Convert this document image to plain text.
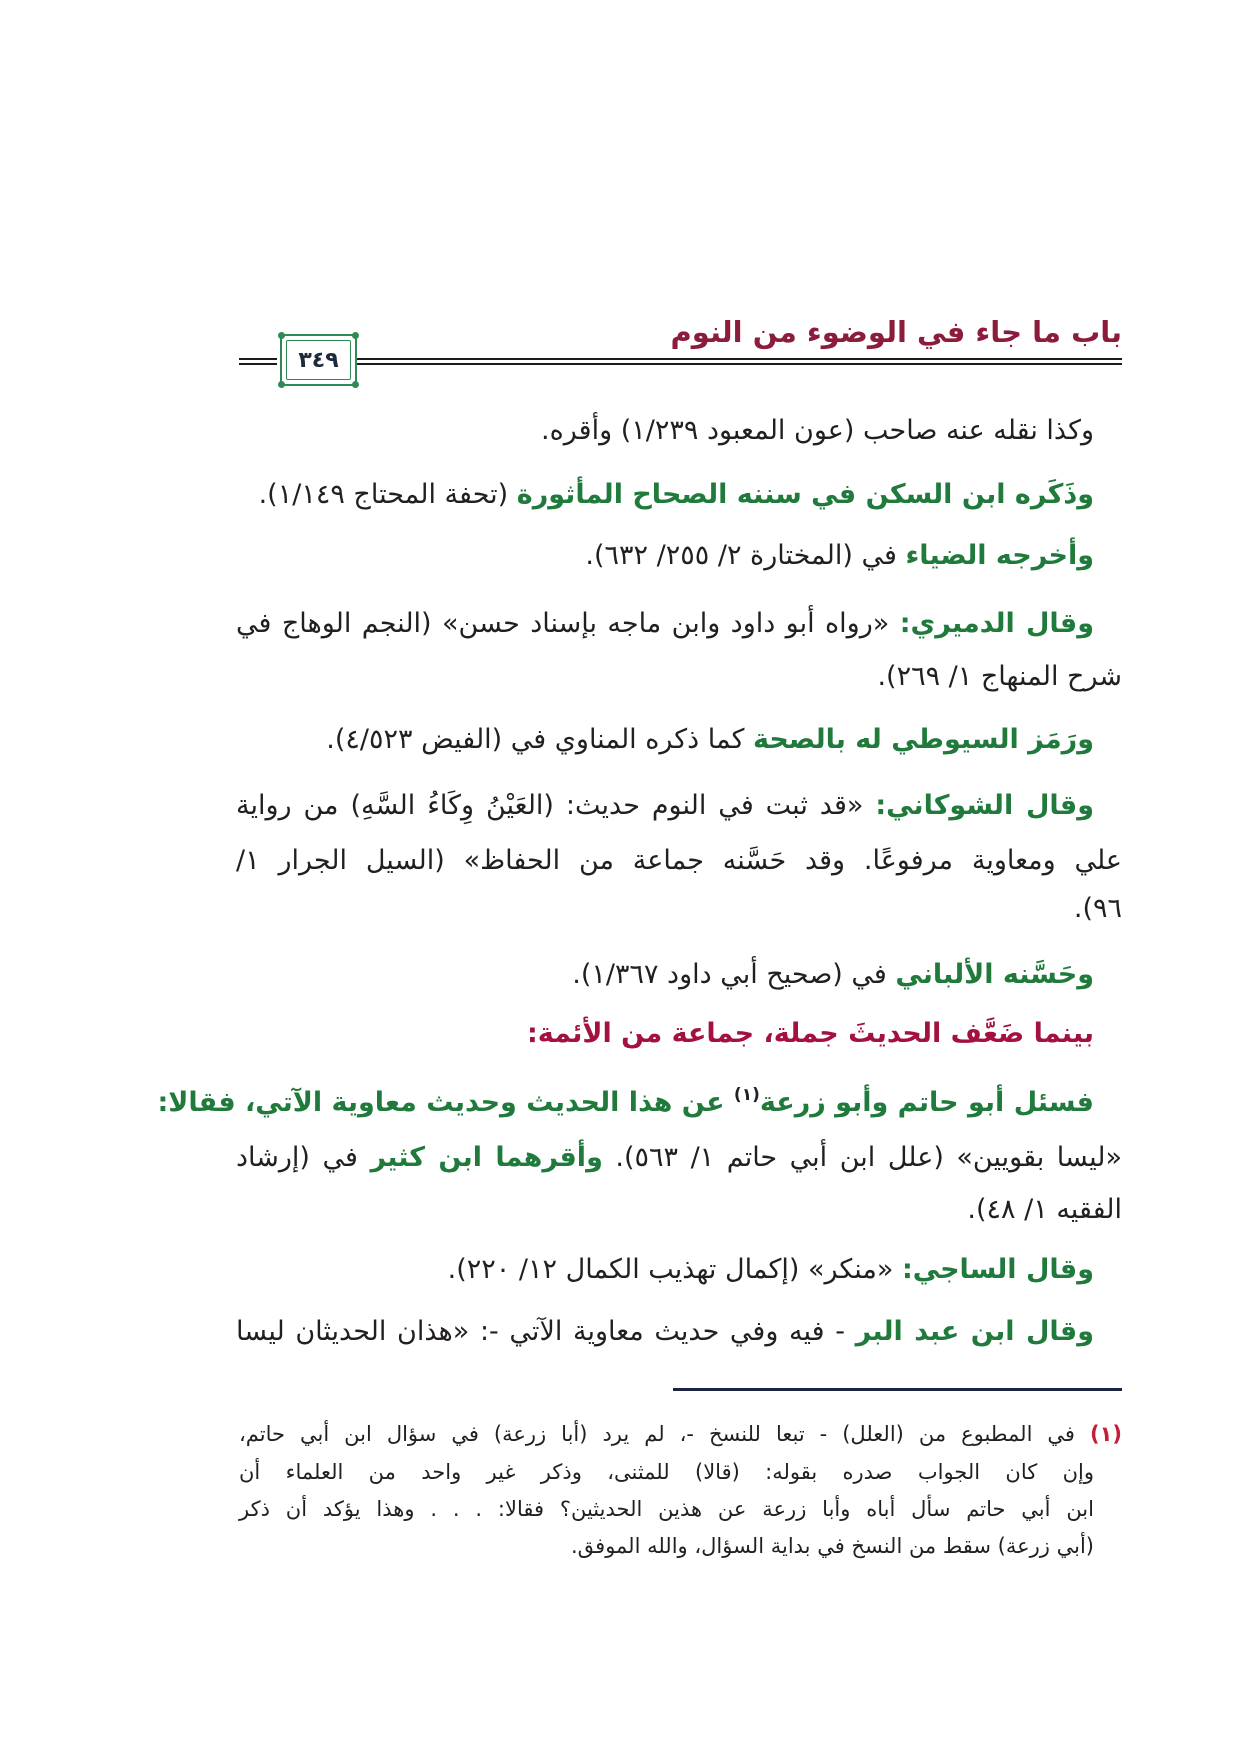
باب ما جاء في الوضوء من النوم
٣٤٩
وكذا نقله عنه صاحب (عون المعبود ١/٢٣٩) وأقره.
وذَكَره ابن السكن في سننه الصحاح المأثورة (تحفة المحتاج ١/١٤٩).
وأخرجه الضياء في (المختارة ٢/ ٢٥٥/ ٦٣٢).
وقال الدميري: «رواه أبو داود وابن ماجه بإسناد حسن» (النجم الوهاج في
شرح المنهاج ١/ ٢٦٩).
ورَمَز السيوطي له بالصحة كما ذكره المناوي في (الفيض ٤/٥٢٣).
وقال الشوكاني: «قد ثبت في النوم حديث: (العَيْنُ وِكَاءُ السَّهِ) من رواية
علي ومعاوية مرفوعًا. وقد حَسَّنه جماعة من الحفاظ» (السيل الجرار ١/
٩٦).
وحَسَّنه الألباني في (صحيح أبي داود ١/٣٦٧).
بينما ضَعَّف الحديثَ جملة، جماعة من الأئمة:
فسئل أبو حاتم وأبو زرعة$^{(١)}$ عن هذا الحديث وحديث معاوية الآتي، فقالا:
«ليسا بقويين» (علل ابن أبي حاتم ١/ ٥٦٣). وأقرهما ابن كثير في (إرشاد
الفقيه ١/ ٤٨).
وقال الساجي: «منكر» (إكمال تهذيب الكمال ١٢/ ٢٢٠).
وقال ابن عبد البر - فيه وفي حديث معاوية الآتي -: «هذان الحديثان ليسا
(١) في المطبوع من (العلل) - تبعا للنسخ -، لم يرد (أبا زرعة) في سؤال ابن أبي حاتم،
وإن كان الجواب صدره بقوله: (قالا) للمثنى، وذكر غير واحد من العلماء أن
ابن أبي حاتم سأل أباه وأبا زرعة عن هذين الحديثين؟ فقالا: . . . وهذا يؤكد أن ذكر
(أبي زرعة) سقط من النسخ في بداية السؤال، والله الموفق.
